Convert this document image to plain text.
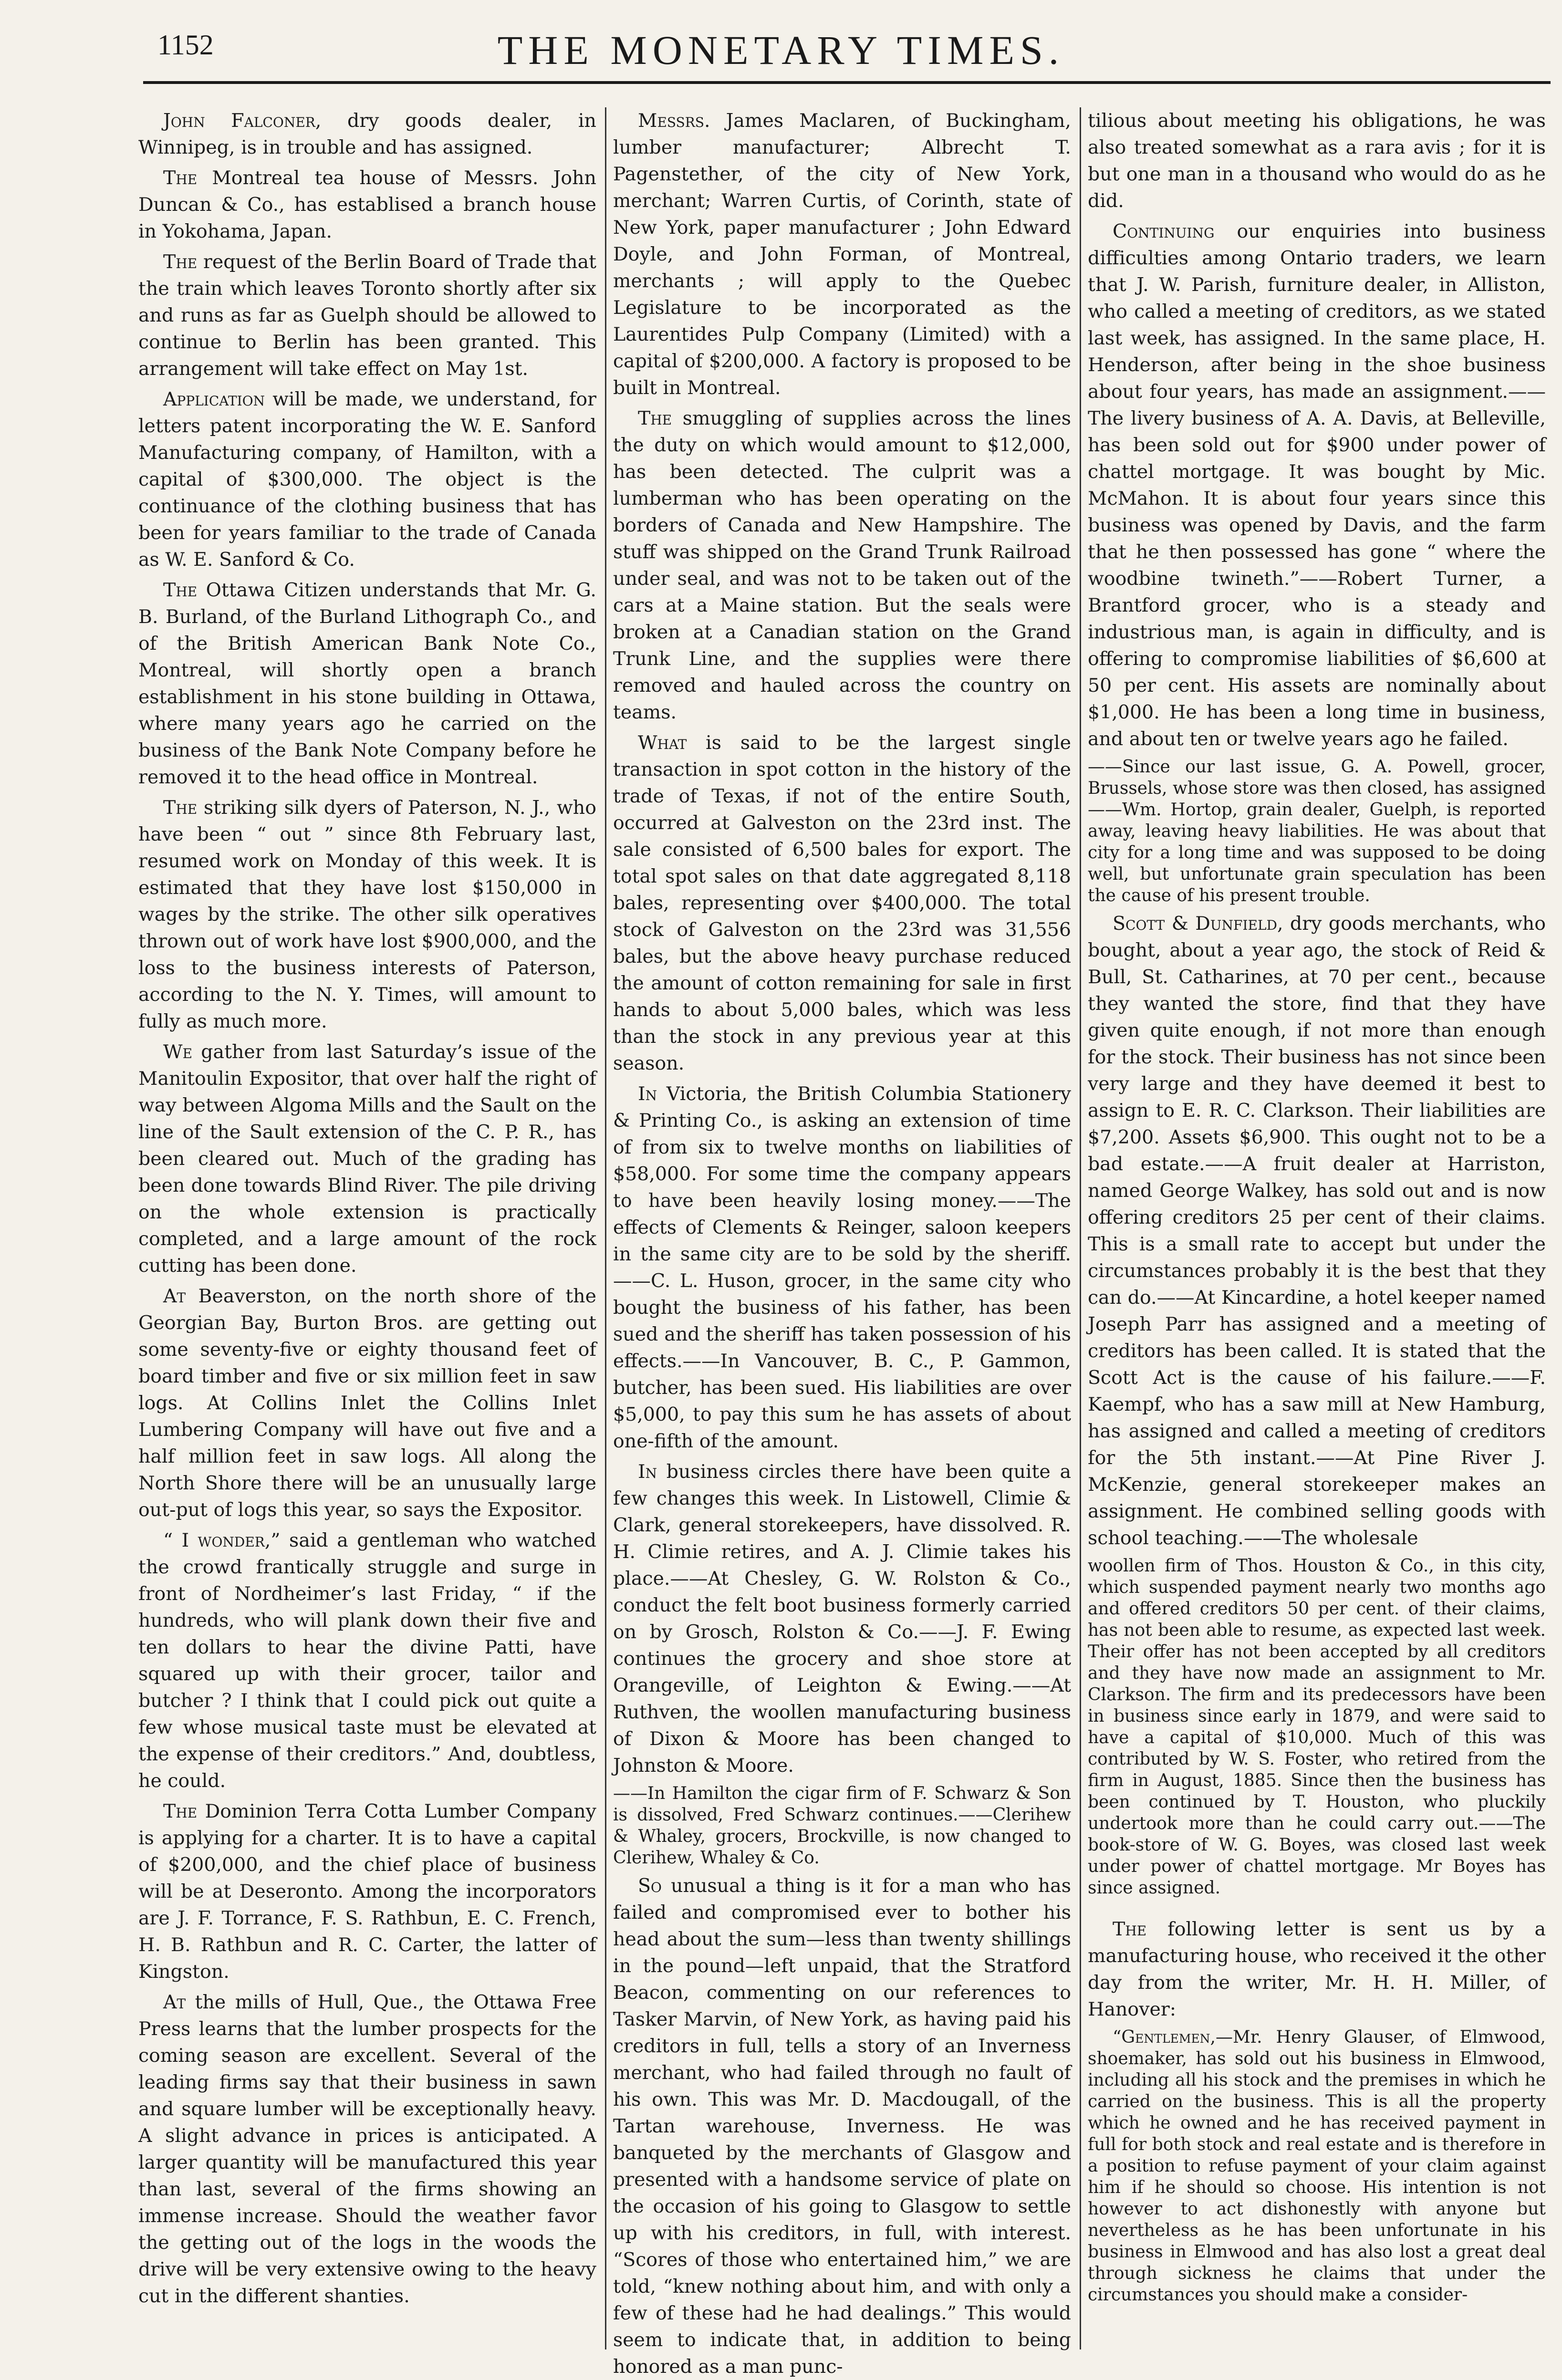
1152	THE MONETARY TIMES.

John Falconer, dry goods dealer, in Winnipeg, is in trouble and has assigned.

The Montreal tea house of Messrs. John Duncan & Co., has establised a branch house in Yokohama, Japan.

The request of the Berlin Board of Trade that the train which leaves Toronto shortly after six and runs as far as Guelph should be allowed to continue to Berlin has been granted. This arrangement will take effect on May 1st.

Application will be made, we understand, for letters patent incorporating the W. E. Sanford Manufacturing company, of Hamilton, with a capital of $300,000. The object is the continuance of the clothing business that has been for years familiar to the trade of Canada as W. E. Sanford & Co.

The Ottawa Citizen understands that Mr. G. B. Burland, of the Burland Lithograph Co., and of the British American Bank Note Co., Montreal, will shortly open a branch establishment in his stone building in Ottawa, where many years ago he carried on the business of the Bank Note Company before he removed it to the head office in Montreal.

The striking silk dyers of Paterson, N. J., who have been “ out ” since 8th February last, resumed work on Monday of this week. It is estimated that they have lost $150,000 in wages by the strike. The other silk operatives thrown out of work have lost $900,000, and the loss to the business interests of Paterson, according to the N. Y. Times, will amount to fully as much more.

We gather from last Saturday’s issue of the Manitoulin Expositor, that over half the right of way between Algoma Mills and the Sault on the line of the Sault extension of the C. P. R., has been cleared out. Much of the grading has been done towards Blind River. The pile driving on the whole extension is practically completed, and a large amount of the rock cutting has been done.

At Beaverston, on the north shore of the Georgian Bay, Burton Bros. are getting out some seventy-five or eighty thousand feet of board timber and five or six million feet in saw logs. At Collins Inlet the Collins Inlet Lumbering Company will have out five and a half million feet in saw logs. All along the North Shore there will be an unusually large out-put of logs this year, so says the Expositor.

“ I wonder,” said a gentleman who watched the crowd frantically struggle and surge in front of Nordheimer’s last Friday, “ if the hundreds, who will plank down their five and ten dollars to hear the divine Patti, have squared up with their grocer, tailor and butcher ? I think that I could pick out quite a few whose musical taste must be elevated at the expense of their creditors.” And, doubtless, he could.

The Dominion Terra Cotta Lumber Company is applying for a charter. It is to have a capital of $200,000, and the chief place of business will be at Deseronto. Among the incorporators are J. F. Torrance, F. S. Rathbun, E. C. French, H. B. Rathbun and R. C. Carter, the latter of Kingston.

At the mills of Hull, Que., the Ottawa Free Press learns that the lumber prospects for the coming season are excellent. Several of the leading firms say that their business in sawn and square lumber will be exceptionally heavy. A slight advance in prices is anticipated. A larger quantity will be manufactured this year than last, several of the firms showing an immense increase. Should the weather favor the getting out of the logs in the woods the drive will be very extensive owing to the heavy cut in the different shanties.

Messrs. James Maclaren, of Buckingham, lumber manufacturer; Albrecht T. Pagenstether, of the city of New York, merchant; Warren Curtis, of Corinth, state of New York, paper manufacturer ; John Edward Doyle, and John Forman, of Montreal, merchants ; will apply to the Quebec Legislature to be incorporated as the Laurentides Pulp Company (Limited) with a capital of $200,000. A factory is proposed to be built in Montreal.

The smuggling of supplies across the lines the duty on which would amount to $12,000, has been detected. The culprit was a lumberman who has been operating on the borders of Canada and New Hampshire. The stuff was shipped on the Grand Trunk Railroad under seal, and was not to be taken out of the cars at a Maine station. But the seals were broken at a Canadian station on the Grand Trunk Line, and the supplies were there removed and hauled across the country on teams.

What is said to be the largest single transaction in spot cotton in the history of the trade of Texas, if not of the entire South, occurred at Galveston on the 23rd inst. The sale consisted of 6,500 bales for export. The total spot sales on that date aggregated 8,118 bales, representing over $400,000. The total stock of Galveston on the 23rd was 31,556 bales, but the above heavy purchase reduced the amount of cotton remaining for sale in first hands to about 5,000 bales, which was less than the stock in any previous year at this season.

In Victoria, the British Columbia Stationery & Printing Co., is asking an extension of time of from six to twelve months on liabilities of $58,000. For some time the company appears to have been heavily losing money.——The effects of Clements & Reinger, saloon keepers in the same city are to be sold by the sheriff.——C. L. Huson, grocer, in the same city who bought the business of his father, has been sued and the sheriff has taken possession of his effects.——In Vancouver, B. C., P. Gammon, butcher, has been sued. His liabilities are over $5,000, to pay this sum he has assets of about one-fifth of the amount.

In business circles there have been quite a few changes this week. In Listowell, Climie & Clark, general storekeepers, have dissolved. R. H. Climie retires, and A. J. Climie takes his place.——At Chesley, G. W. Rolston & Co., conduct the felt boot business formerly carried on by Grosch, Rolston & Co.——J. F. Ewing continues the grocery and shoe store at Orangeville, of Leighton & Ewing.——At Ruthven, the woollen manufacturing business of Dixon & Moore has been changed to Johnston & Moore.

——In Hamilton the cigar firm of F. Schwarz & Son is dissolved, Fred Schwarz continues.——Clerihew & Whaley, grocers, Brockville, is now changed to Clerihew, Whaley & Co.

So unusual a thing is it for a man who has failed and compromised ever to bother his head about the sum—less than twenty shillings in the pound—left unpaid, that the Stratford Beacon, commenting on our references to Tasker Marvin, of New York, as having paid his creditors in full, tells a story of an Inverness merchant, who had failed through no fault of his own. This was Mr. D. Macdougall, of the Tartan warehouse, Inverness. He was banqueted by the merchants of Glasgow and presented with a handsome service of plate on the occasion of his going to Glasgow to settle up with his creditors, in full, with interest. “Scores of those who entertained him,” we are told, “knew nothing about him, and with only a few of these had he had dealings.” This would seem to indicate that, in addition to being honored as a man punc-

tilious about meeting his obligations, he was also treated somewhat as a rara avis ; for it is but one man in a thousand who would do as he did.

Continuing our enquiries into business difficulties among Ontario traders, we learn that J. W. Parish, furniture dealer, in Alliston, who called a meeting of creditors, as we stated last week, has assigned. In the same place, H. Henderson, after being in the shoe business about four years, has made an assignment.——The livery business of A. A. Davis, at Belleville, has been sold out for $900 under power of chattel mortgage. It was bought by Mic. McMahon. It is about four years since this business was opened by Davis, and the farm that he then possessed has gone “ where the woodbine twineth.”——Robert Turner, a Brantford grocer, who is a steady and industrious man, is again in difficulty, and is offering to compromise liabilities of $6,600 at 50 per cent. His assets are nominally about $1,000. He has been a long time in business, and about ten or twelve years ago he failed.

——Since our last issue, G. A. Powell, grocer, Brussels, whose store was then closed, has assigned——Wm. Hortop, grain dealer, Guelph, is reported away, leaving heavy liabilities. He was about that city for a long time and was supposed to be doing well, but unfortunate grain speculation has been the cause of his present trouble.

Scott & Dunfield, dry goods merchants, who bought, about a year ago, the stock of Reid & Bull, St. Catharines, at 70 per cent., because they wanted the store, find that they have given quite enough, if not more than enough for the stock. Their business has not since been very large and they have deemed it best to assign to E. R. C. Clarkson. Their liabilities are $7,200. Assets $6,900. This ought not to be a bad estate.——A fruit dealer at Harriston, named George Walkey, has sold out and is now offering creditors 25 per cent of their claims. This is a small rate to accept but under the circumstances probably it is the best that they can do.——At Kincardine, a hotel keeper named Joseph Parr has assigned and a meeting of creditors has been called. It is stated that the Scott Act is the cause of his failure.——F. Kaempf, who has a saw mill at New Hamburg, has assigned and called a meeting of creditors for the 5th instant.——At Pine River J. McKenzie, general storekeeper makes an assignment. He combined selling goods with school teaching.——The wholesale

woollen firm of Thos. Houston & Co., in this city, which suspended payment nearly two months ago and offered creditors 50 per cent. of their claims, has not been able to resume, as expected last week. Their offer has not been accepted by all creditors and they have now made an assignment to Mr. Clarkson. The firm and its predecessors have been in business since early in 1879, and were said to have a capital of $10,000. Much of this was contributed by W. S. Foster, who retired from the firm in August, 1885. Since then the business has been continued by T. Houston, who pluckily undertook more than he could carry out.——The book-store of W. G. Boyes, was closed last week under power of chattel mortgage. Mr Boyes has since assigned.

The following letter is sent us by a manufacturing house, who received it the other day from the writer, Mr. H. H. Miller, of Hanover:

“Gentlemen,—Mr. Henry Glauser, of Elmwood, shoemaker, has sold out his business in Elmwood, including all his stock and the premises in which he carried on the business. This is all the property which he owned and he has received payment in full for both stock and real estate and is therefore in a position to refuse payment of your claim against him if he should so choose. His intention is not however to act dishonestly with anyone but nevertheless as he has been unfortunate in his business in Elmwood and has also lost a great deal through sickness he claims that under the circumstances you should make a consider-
